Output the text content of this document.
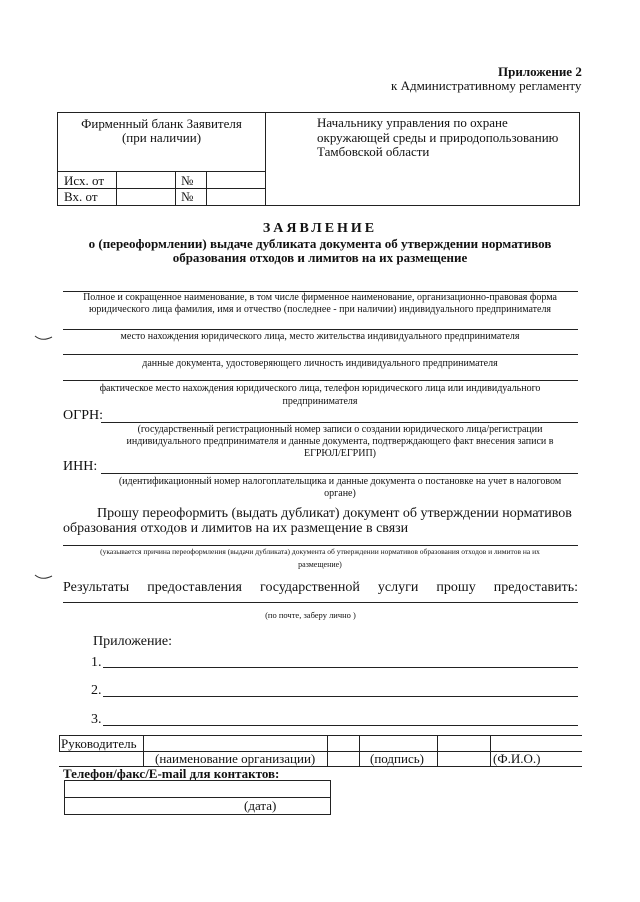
Приложение 2
к Административному регламенту
Фирменный бланк Заявителя
(при наличии)
Начальнику управления по охране
окружающей среды и природопользованию
Тамбовской области
Исх. от	№
Вх. от	№
ЗАЯВЛЕНИЕ
о (переоформлении) выдаче дубликата документа об утверждении нормативов
образования отходов и лимитов на их размещение
Полное и сокращенное наименование, в том числе фирменное наименование, организационно-правовая форма
юридического лица фамилия, имя и отчество (последнее - при наличии) индивидуального предпринимателя
место нахождения юридического лица, место жительства индивидуального предпринимателя
данные документа, удостоверяющего личность индивидуального предпринимателя
фактическое место нахождения юридического лица, телефон юридического лица или индивидуального
предпринимателя
ОГРН:
(государственный регистрационный номер записи о создании юридического лица/регистрации
индивидуального предпринимателя и данные документа, подтверждающего факт внесения записи в
ЕГРЮЛ/ЕГРИП)
ИНН:
(идентификационный номер налогоплательщика и данные документа о постановке на учет в налоговом
органе)
Прошу переоформить (выдать дубликат) документ об утверждении нормативов
образования отходов и лимитов на их размещение в связи
(указывается причина переоформления (выдачи дубликата) документа об утверждении нормативов образования отходов и лимитов на их
размещение)
Результаты предоставления государственной услуги прошу предоставить:
(по почте, заберу лично )
Приложение:
1.
2.
3.
Руководитель
(наименование организации)	(подпись)	(Ф.И.О.)
Телефон/факс/E-mail для контактов:
(дата)
